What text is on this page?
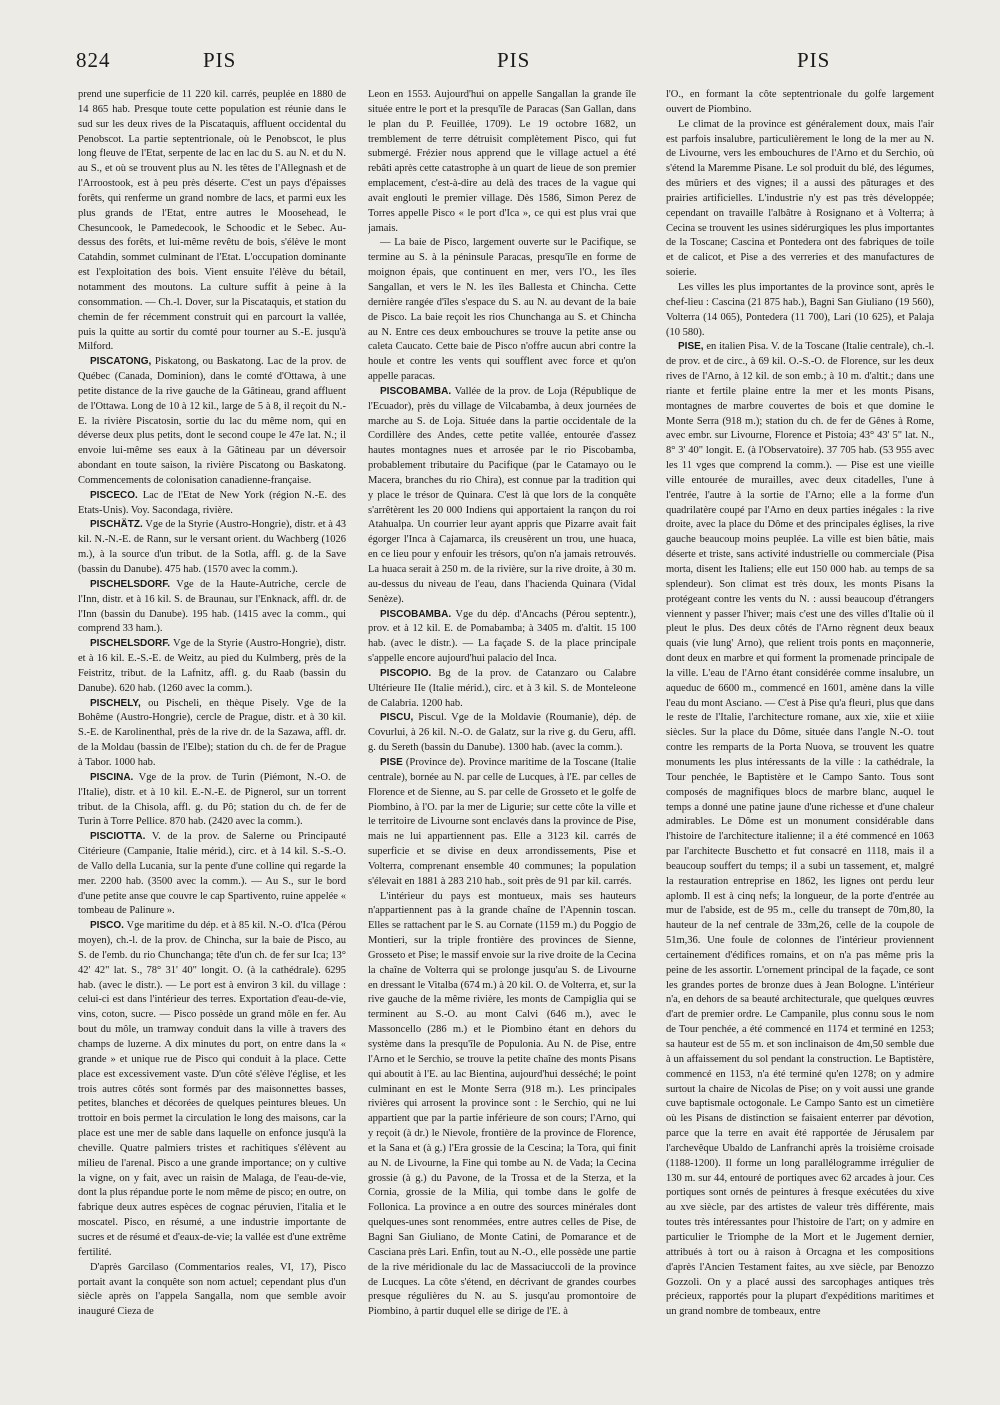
824	PIS	PIS	PIS

prend une superficie de 11 220 kil. carrés, peuplée en 1880 de 14 865 hab. Presque toute cette population est réunie dans le sud sur les deux rives de la Piscataquis, affluent occidental du Penobscot. La partie septentrionale, où le Penobscot, le plus long fleuve de l'Etat, serpente de lac en lac du S. au N. et du N. au S., et où se trouvent plus au N. les têtes de l'Allegnash et de l'Arroostook, est à peu près déserte. C'est un pays d'épaisses forêts, qui renferme un grand nombre de lacs, et parmi eux les plus grands de l'Etat, entre autres le Moosehead, le Chesuncook, le Pamedecook, le Schoodic et le Sebec. Au-dessus des forêts, et lui-même revêtu de bois, s'élève le mont Catahdin, sommet culminant de l'Etat. L'occupation dominante est l'exploitation des bois. Vient ensuite l'élève du bétail, notamment des moutons. La culture suffit à peine à la consommation. — Ch.-l. Dover, sur la Piscataquis, et station du chemin de fer récemment construit qui en parcourt la vallée, puis la quitte au sortir du comté pour tourner au S.-E. jusqu'à Milford.

PISCATONG, Piskatong, ou Baskatong. Lac de la prov. de Québec (Canada, Dominion), dans le comté d'Ottawa, à une petite distance de la rive gauche de la Gâtineau, grand affluent de l'Ottawa. Long de 10 à 12 kil., large de 5 à 8, il reçoit du N.-E. la rivière Piscatosin, sortie du lac du même nom, qui en déverse deux plus petits, dont le second coupe le 47e lat. N.; il envoie lui-même ses eaux à la Gâtineau par un déversoir abondant en toute saison, la rivière Piscatong ou Baskatong. Commencements de colonisation canadienne-française.

PISCECO. Lac de l'Etat de New York (région N.-E. des Etats-Unis). Voy. Sacondaga, rivière.

PISCHÄTZ. Vge de la Styrie (Austro-Hongrie), distr. et à 43 kil. N.-N.-E. de Rann, sur le versant orient. du Wachberg (1026 m.), à la source d'un tribut. de la Sotla, affl. g. de la Save (bassin du Danube). 475 hab. (1570 avec la comm.).

PISCHELSDORF. Vge de la Haute-Autriche, cercle de l'Inn, distr. et à 16 kil. S. de Braunau, sur l'Enknack, affl. dr. de l'Inn (bassin du Danube). 195 hab. (1415 avec la comm., qui comprend 33 ham.).

PISCHELSDORF. Vge de la Styrie (Austro-Hongrie), distr. et à 16 kil. E.-S.-E. de Weitz, au pied du Kulmberg, près de la Feistritz, tribut. de la Lafnitz, affl. g. du Raab (bassin du Danube). 620 hab. (1260 avec la comm.).

PISCHELY, ou Pischeli, en thèque Pisely. Vge de la Bohême (Austro-Hongrie), cercle de Prague, distr. et à 30 kil. S.-E. de Karolinenthal, près de la rive dr. de la Sazawa, affl. dr. de la Moldau (bassin de l'Elbe); station du ch. de fer de Prague à Tabor. 1000 hab.

PISCINA. Vge de la prov. de Turin (Piémont, N.-O. de l'Italie), distr. et à 10 kil. E.-N.-E. de Pignerol, sur un torrent tribut. de la Chisola, affl. g. du Pô; station du ch. de fer de Turin à Torre Pellice. 870 hab. (2420 avec la comm.).

PISCIOTTA. V. de la prov. de Salerne ou Principauté Citérieure (Campanie, Italie mérid.), circ. et à 14 kil. S.-S.-O. de Vallo della Lucania, sur la pente d'une colline qui regarde la mer. 2200 hab. (3500 avec la comm.). — Au S., sur le bord d'une petite anse que couvre le cap Spartivento, ruine appelée « tombeau de Palinure ».

PISCO. Vge maritime du dép. et à 85 kil. N.-O. d'Ica (Pérou moyen), ch.-l. de la prov. de Chincha, sur la baie de Pisco, au S. de l'emb. du rio Chunchanga; tête d'un ch. de fer sur Ica; 13° 42' 42" lat. S., 78° 31' 40" longit. O. (à la cathédrale). 6295 hab. (avec le distr.). — Le port est à environ 3 kil. du village : celui-ci est dans l'intérieur des terres. Exportation d'eau-de-vie, vins, coton, sucre. — Pisco possède un grand môle en fer. Au bout du môle, un tramway conduit dans la ville à travers des champs de luzerne. A dix minutes du port, on entre dans la « grande » et unique rue de Pisco qui conduit à la place. Cette place est excessivement vaste. D'un côté s'élève l'église, et les trois autres côtés sont formés par des maisonnettes basses, petites, blanches et décorées de quelques peintures bleues. Un trottoir en bois permet la circulation le long des maisons, car la place est une mer de sable dans laquelle on enfonce jusqu'à la cheville. Quatre palmiers tristes et rachitiques s'élèvent au milieu de l'arenal. Pisco a une grande importance; on y cultive la vigne, on y fait, avec un raisin de Malaga, de l'eau-de-vie, dont la plus répandue porte le nom même de pisco; en outre, on fabrique deux autres espèces de cognac péruvien, l'italia et le moscatel. Pisco, en résumé, a une industrie importante de sucres et de résumé et d'eaux-de-vie; la vallée est d'une extrême fertilité.

D'après Garcilaso (Commentarios reales, VI, 17), Pisco portait avant la conquête son nom actuel; cependant plus d'un siècle après on l'appela Sangalla, nom que semble avoir inauguré Cieza de

Leon en 1553. Aujourd'hui on appelle Sangallan la grande île située entre le port et la presqu'île de Paracas (San Gallan, dans le plan du P. Feuillée, 1709). Le 19 octobre 1682, un tremblement de terre détruisit complètement Pisco, qui fut submergé. Frézier nous apprend que le village actuel a été rebâti après cette catastrophe à un quart de lieue de son premier emplacement, c'est-à-dire au delà des traces de la vague qui avait englouti le premier village. Dès 1586, Simon Perez de Torres appelle Pisco « le port d'Ica », ce qui est plus vrai que jamais.

— La baie de Pisco, largement ouverte sur le Pacifique, se termine au S. à la péninsule Paracas, presqu'île en forme de moignon épais, que continuent en mer, vers l'O., les îles Sangallan, et vers le N. les îles Ballesta et Chincha. Cette dernière rangée d'îles s'espace du S. au N. au devant de la baie de Pisco. La baie reçoit les rios Chunchanga au S. et Chincha au N. Entre ces deux embouchures se trouve la petite anse ou caleta Caucato. Cette baie de Pisco n'offre aucun abri contre la houle et contre les vents qui soufflent avec force et qu'on appelle paracas.

PISCOBAMBA. Vallée de la prov. de Loja (République de l'Ecuador), près du village de Vilcabamba, à deux journées de marche au S. de Loja. Située dans la partie occidentale de la Cordillère des Andes, cette petite vallée, entourée d'assez hautes montagnes nues et arrosée par le rio Piscobamba, probablement tributaire du Pacifique (par le Catamayo ou le Macera, branches du rio Chira), est connue par la tradition qui y place le trésor de Quinara. C'est là que lors de la conquête s'arrêtèrent les 20 000 Indiens qui apportaient la rançon du roi Atahualpa. Un courrier leur ayant appris que Pizarre avait fait égorger l'Inca à Cajamarca, ils creusèrent un trou, une huaca, en ce lieu pour y enfouir les trésors, qu'on n'a jamais retrouvés. La huaca serait à 250 m. de la rivière, sur la rive droite, à 30 m. au-dessus du niveau de l'eau, dans l'hacienda Quinara (Vidal Senèze).

PISCOBAMBA. Vge du dép. d'Ancachs (Pérou septentr.), prov. et à 12 kil. E. de Pomabamba; à 3405 m. d'altit. 15 100 hab. (avec le distr.). — La façade S. de la place principale s'appelle encore aujourd'hui palacio del Inca.

PISCOPIO. Bg de la prov. de Catanzaro ou Calabre Ultérieure IIe (Italie mérid.), circ. et à 3 kil. S. de Monteleone de Calabria. 1200 hab.

PISCU, Piscul. Vge de la Moldavie (Roumanie), dép. de Covurlui, à 26 kil. N.-O. de Galatz, sur la rive g. du Geru, affl. g. du Sereth (bassin du Danube). 1300 hab. (avec la comm.).

PISE (Province de). Province maritime de la Toscane (Italie centrale), bornée au N. par celle de Lucques, à l'E. par celles de Florence et de Sienne, au S. par celle de Grosseto et le golfe de Piombino, à l'O. par la mer de Ligurie; sur cette côte la ville et le territoire de Livourne sont enclavés dans la province de Pise, mais ne lui appartiennent pas. Elle a 3123 kil. carrés de superficie et se divise en deux arrondissements, Pise et Volterra, comprenant ensemble 40 communes; la population s'élevait en 1881 à 283 210 hab., soit près de 91 par kil. carrés.

L'intérieur du pays est montueux, mais ses hauteurs n'appartiennent pas à la grande chaîne de l'Apennin toscan. Elles se rattachent par le S. au Cornate (1159 m.) du Poggio de Montieri, sur la triple frontière des provinces de Sienne, Grosseto et Pise; le massif envoie sur la rive droite de la Cecina la chaîne de Volterra qui se prolonge jusqu'au S. de Livourne en dressant le Vitalba (674 m.) à 20 kil. O. de Volterra, et, sur la rive gauche de la même rivière, les monts de Campiglia qui se terminent au S.-O. au mont Calvi (646 m.), avec le Massoncello (286 m.) et le Piombino étant en dehors du système dans la presqu'île de Populonia. Au N. de Pise, entre l'Arno et le Serchio, se trouve la petite chaîne des monts Pisans qui aboutit à l'E. au lac Bientina, aujourd'hui desséché; le point culminant en est le Monte Serra (918 m.). Les principales rivières qui arrosent la province sont : le Serchio, qui ne lui appartient que par la partie inférieure de son cours; l'Arno, qui y reçoit (à dr.) le Nievole, frontière de la province de Florence, et la Sana et (à g.) l'Era grossie de la Cescina; la Tora, qui finit au N. de Livourne, la Fine qui tombe au N. de Vada; la Cecina grossie (à g.) du Pavone, de la Trossa et de la Sterza, et la Cornia, grossie de la Milia, qui tombe dans le golfe de Follonica. La province a en outre des sources minérales dont quelques-unes sont renommées, entre autres celles de Pise, de Bagni San Giuliano, de Monte Catini, de Pomarance et de Casciana près Lari. Enfin, tout au N.-O., elle possède une partie de la rive méridionale du lac de Massaciuccoli de la province de Lucques. La côte s'étend, en décrivant de grandes courbes presque régulières du N. au S. jusqu'au promontoire de Piombino, à partir duquel elle se dirige de l'E. à

l'O., en formant la côte septentrionale du golfe largement ouvert de Piombino.

Le climat de la province est généralement doux, mais l'air est parfois insalubre, particulièrement le long de la mer au N. de Livourne, vers les embouchures de l'Arno et du Serchio, où s'étend la Maremme Pisane. Le sol produit du blé, des légumes, des mûriers et des vignes; il a aussi des pâturages et des prairies artificielles. L'industrie n'y est pas très développée; cependant on travaille l'albâtre à Rosignano et à Volterra; à Cecina se trouvent les usines sidérurgiques les plus importantes de la Toscane; Cascina et Pontedera ont des fabriques de toile et de calicot, et Pise a des verreries et des manufactures de soierie.

Les villes les plus importantes de la province sont, après le chef-lieu : Cascina (21 875 hab.), Bagni San Giuliano (19 560), Volterra (14 065), Pontedera (11 700), Lari (10 625), et Palaja (10 580).

PISE, en italien Pisa. V. de la Toscane (Italie centrale), ch.-l. de prov. et de circ., à 69 kil. O.-S.-O. de Florence, sur les deux rives de l'Arno, à 12 kil. de son emb.; à 10 m. d'altit.; dans une riante et fertile plaine entre la mer et les monts Pisans, montagnes de marbre couvertes de bois et que domine le Monte Serra (918 m.); station du ch. de fer de Gênes à Rome, avec embr. sur Livourne, Florence et Pistoia; 43° 43' 5" lat. N., 8° 3' 40" longit. E. (à l'Observatoire). 37 705 hab. (53 955 avec les 11 vges que comprend la comm.). — Pise est une vieille ville entourée de murailles, avec deux citadelles, l'une à l'entrée, l'autre à la sortie de l'Arno; elle a la forme d'un quadrilatère coupé par l'Arno en deux parties inégales : la rive droite, avec la place du Dôme et des principales églises, la rive gauche beaucoup moins peuplée. La ville est bien bâtie, mais déserte et triste, sans activité industrielle ou commerciale (Pisa morta, disent les Italiens; elle eut 150 000 hab. au temps de sa splendeur). Son climat est très doux, les monts Pisans la protégeant contre les vents du N. : aussi beaucoup d'étrangers viennent y passer l'hiver; mais c'est une des villes d'Italie où il pleut le plus. Des deux côtés de l'Arno règnent deux beaux quais (vie lung' Arno), que relient trois ponts en maçonnerie, dont deux en marbre et qui forment la promenade principale de la ville. L'eau de l'Arno étant considérée comme insalubre, un aqueduc de 6600 m., commencé en 1601, amène dans la ville l'eau du mont Asciano. — C'est à Pise qu'a fleuri, plus que dans le reste de l'Italie, l'architecture romane, aux xie, xiie et xiiie siècles. Sur la place du Dôme, située dans l'angle N.-O. tout contre les remparts de la Porta Nuova, se trouvent les quatre monuments les plus intéressants de la ville : la cathédrale, la Tour penchée, le Baptistère et le Campo Santo. Tous sont composés de magnifiques blocs de marbre blanc, auquel le temps a donné une patine jaune d'une richesse et d'une chaleur admirables. Le Dôme est un monument considérable dans l'histoire de l'architecture italienne; il a été commencé en 1063 par l'architecte Buschetto et fut consacré en 1118, mais il a beaucoup souffert du temps; il a subi un tassement, et, malgré la restauration entreprise en 1862, les lignes ont perdu leur aplomb. Il est à cinq nefs; la longueur, de la porte d'entrée au mur de l'abside, est de 95 m., celle du transept de 70m,80, la hauteur de la nef centrale de 33m,26, celle de la coupole de 51m,36. Une foule de colonnes de l'intérieur proviennent certainement d'édifices romains, et on n'a pas même pris la peine de les assortir. L'ornement principal de la façade, ce sont les grandes portes de bronze dues à Jean Bologne. L'intérieur n'a, en dehors de sa beauté architecturale, que quelques œuvres d'art de premier ordre. Le Campanile, plus connu sous le nom de Tour penchée, a été commencé en 1174 et terminé en 1253; sa hauteur est de 55 m. et son inclinaison de 4m,50 semble due à un affaissement du sol pendant la construction. Le Baptistère, commencé en 1153, n'a été terminé qu'en 1278; on y admire surtout la chaire de Nicolas de Pise; on y voit aussi une grande cuve baptismale octogonale. Le Campo Santo est un cimetière où les Pisans de distinction se faisaient enterrer par dévotion, parce que la terre en avait été rapportée de Jérusalem par l'archevêque Ubaldo de Lanfranchi après la troisième croisade (1188-1200). Il forme un long parallélogramme irrégulier de 130 m. sur 44, entouré de portiques avec 62 arcades à jour. Ces portiques sont ornés de peintures à fresque exécutées du xive au xve siècle, par des artistes de valeur très différente, mais toutes très intéressantes pour l'histoire de l'art; on y admire en particulier le Triomphe de la Mort et le Jugement dernier, attribués à tort ou à raison à Orcagna et les compositions d'après l'Ancien Testament faites, au xve siècle, par Benozzo Gozzoli. On y a placé aussi des sarcophages antiques très précieux, rapportés pour la plupart d'expéditions maritimes et un grand nombre de tombeaux, entre
